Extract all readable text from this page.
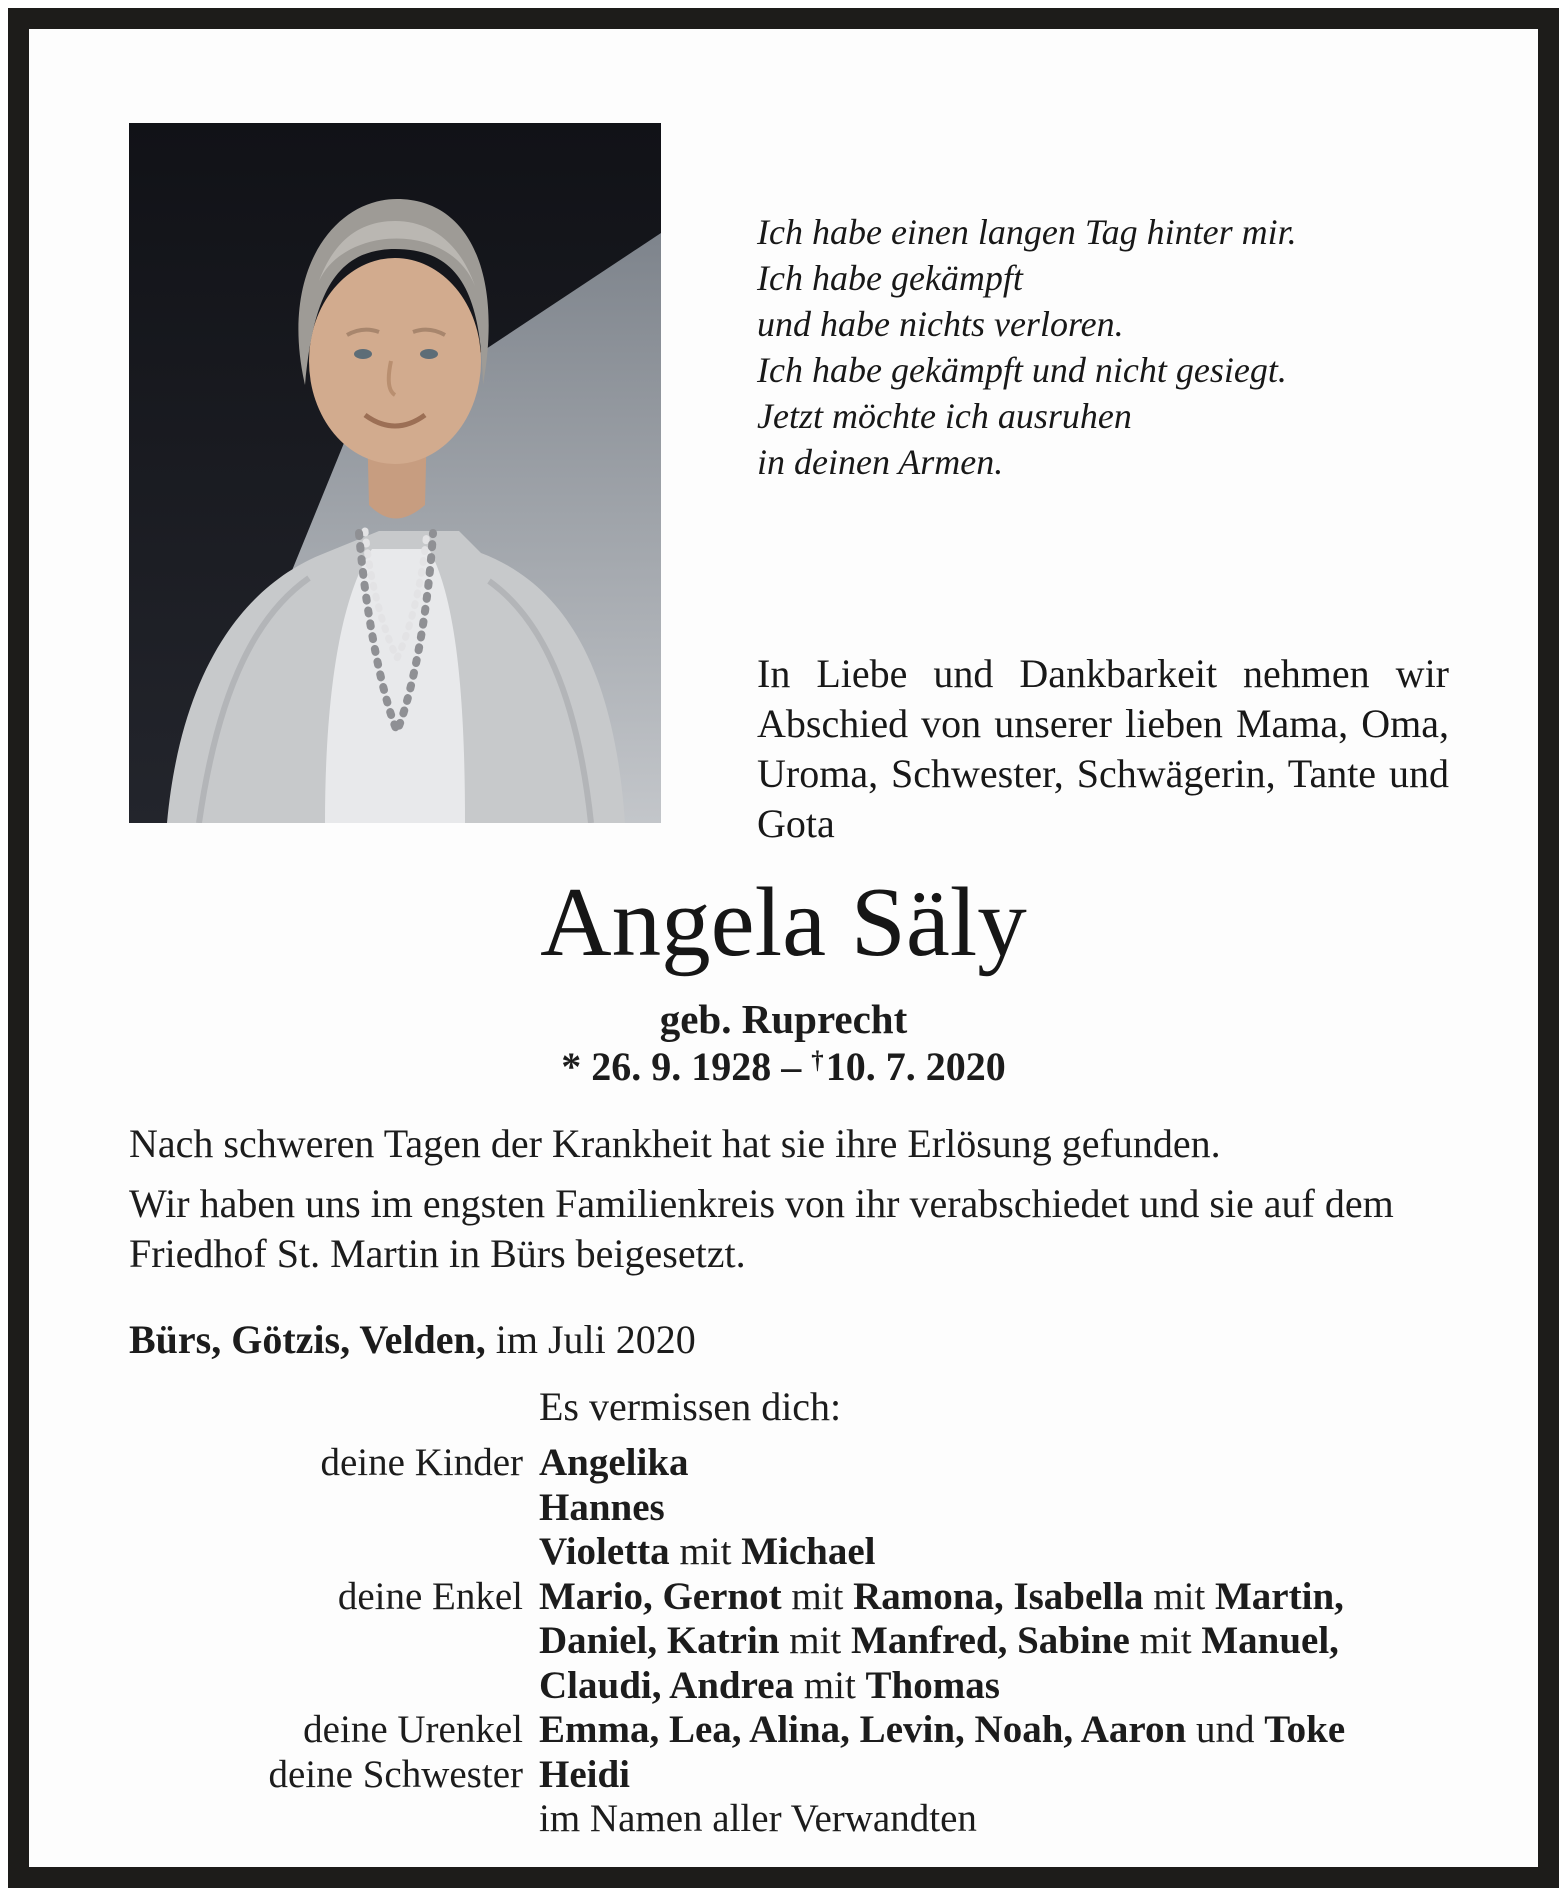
Ich habe einen langen Tag hinter mir.
Ich habe gekämpft
und habe nichts verloren.
Ich habe gekämpft und nicht gesiegt.
Jetzt möchte ich ausruhen
in deinen Armen.
In Liebe und Dankbarkeit nehmen wir Abschied von unserer lieben Mama, Oma, Uroma, Schwester, Schwägerin, Tante und Gota
Angela Säly
geb. Ruprecht
* 26. 9. 1928 – †10. 7. 2020
Nach schweren Tagen der Krankheit hat sie ihre Erlösung gefunden.
Wir haben uns im engsten Familienkreis von ihr verabschiedet und sie auf dem Friedhof St. Martin in Bürs beigesetzt.
Bürs, Götzis, Velden, im Juli 2020
Es vermissen dich:
deine Kinder Angelika
Hannes
Violetta mit Michael
deine Enkel Mario, Gernot mit Ramona, Isabella mit Martin,
Daniel, Katrin mit Manfred, Sabine mit Manuel,
Claudi, Andrea mit Thomas
deine Urenkel Emma, Lea, Alina, Levin, Noah, Aaron und Toke
deine Schwester Heidi
im Namen aller Verwandten
